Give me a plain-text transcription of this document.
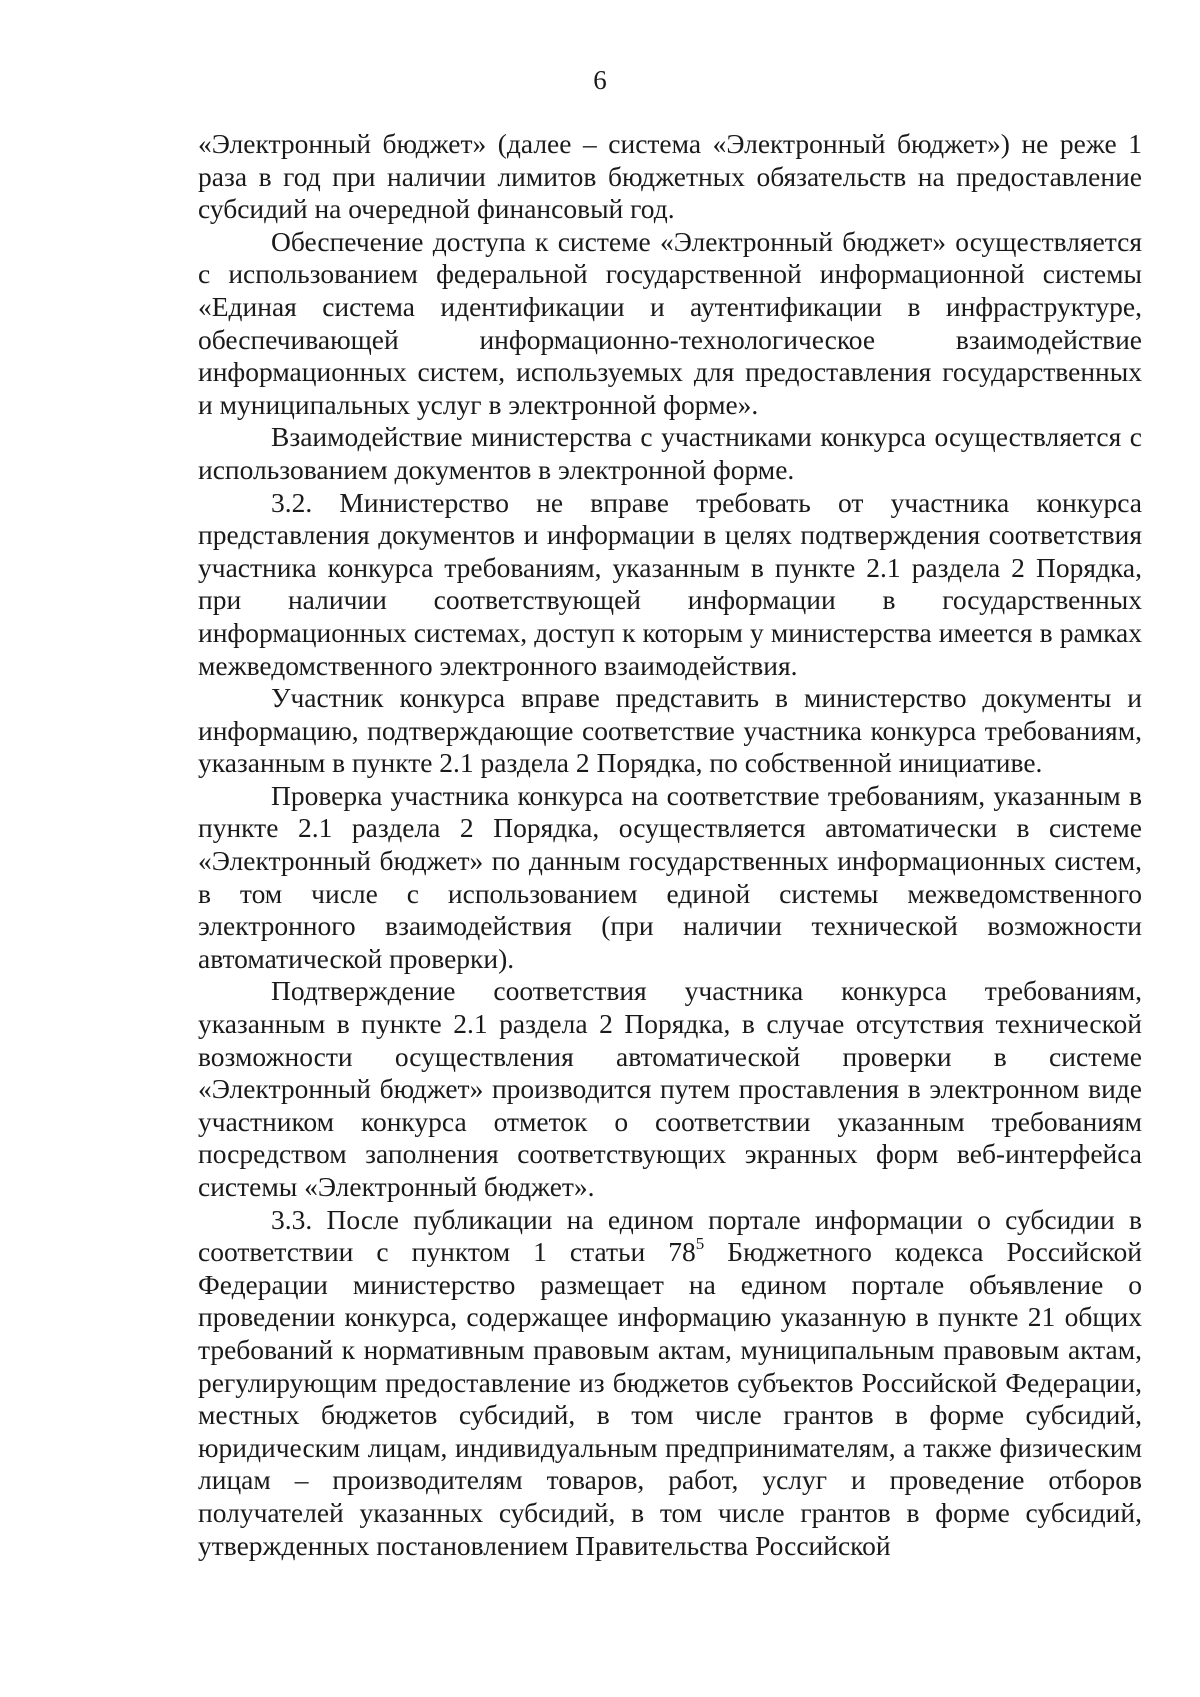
6

«Электронный бюджет» (далее – система «Электронный бюджет») не реже 1 раза в год при наличии лимитов бюджетных обязательств на предоставление субсидий на очередной финансовый год.

Обеспечение доступа к системе «Электронный бюджет» осуществляется с использованием федеральной государственной информационной системы «Единая система идентификации и аутентификации в инфраструктуре, обеспечивающей информационно-технологическое взаимодействие информационных систем, используемых для предоставления государственных и муниципальных услуг в электронной форме».

Взаимодействие министерства с участниками конкурса осуществляется с использованием документов в электронной форме.

3.2. Министерство не вправе требовать от участника конкурса представления документов и информации в целях подтверждения соответствия участника конкурса требованиям, указанным в пункте 2.1 раздела 2 Порядка, при наличии соответствующей информации в государственных информационных системах, доступ к которым у министерства имеется в рамках межведомственного электронного взаимодействия.

Участник конкурса вправе представить в министерство документы и информацию, подтверждающие соответствие участника конкурса требованиям, указанным в пункте 2.1 раздела 2 Порядка, по собственной инициативе.

Проверка участника конкурса на соответствие требованиям, указанным в пункте 2.1 раздела 2 Порядка, осуществляется автоматически в системе «Электронный бюджет» по данным государственных информационных систем, в том числе с использованием единой системы межведомственного электронного взаимодействия (при наличии технической возможности автоматической проверки).

Подтверждение соответствия участника конкурса требованиям, указанным в пункте 2.1 раздела 2 Порядка, в случае отсутствия технической возможности осуществления автоматической проверки в системе «Электронный бюджет» производится путем проставления в электронном виде участником конкурса отметок о соответствии указанным требованиям посредством заполнения соответствующих экранных форм веб-интерфейса системы «Электронный бюджет».

3.3. После публикации на едином портале информации о субсидии в соответствии с пунктом 1 статьи $78^5$ Бюджетного кодекса Российской Федерации министерство размещает на едином портале объявление о проведении конкурса, содержащее информацию указанную в пункте 21 общих требований к нормативным правовым актам, муниципальным правовым актам, регулирующим предоставление из бюджетов субъектов Российской Федерации, местных бюджетов субсидий, в том числе грантов в форме субсидий, юридическим лицам, индивидуальным предпринимателям, а также физическим лицам – производителям товаров, работ, услуг и проведение отборов получателей указанных субсидий, в том числе грантов в форме субсидий, утвержденных постановлением Правительства Российской
